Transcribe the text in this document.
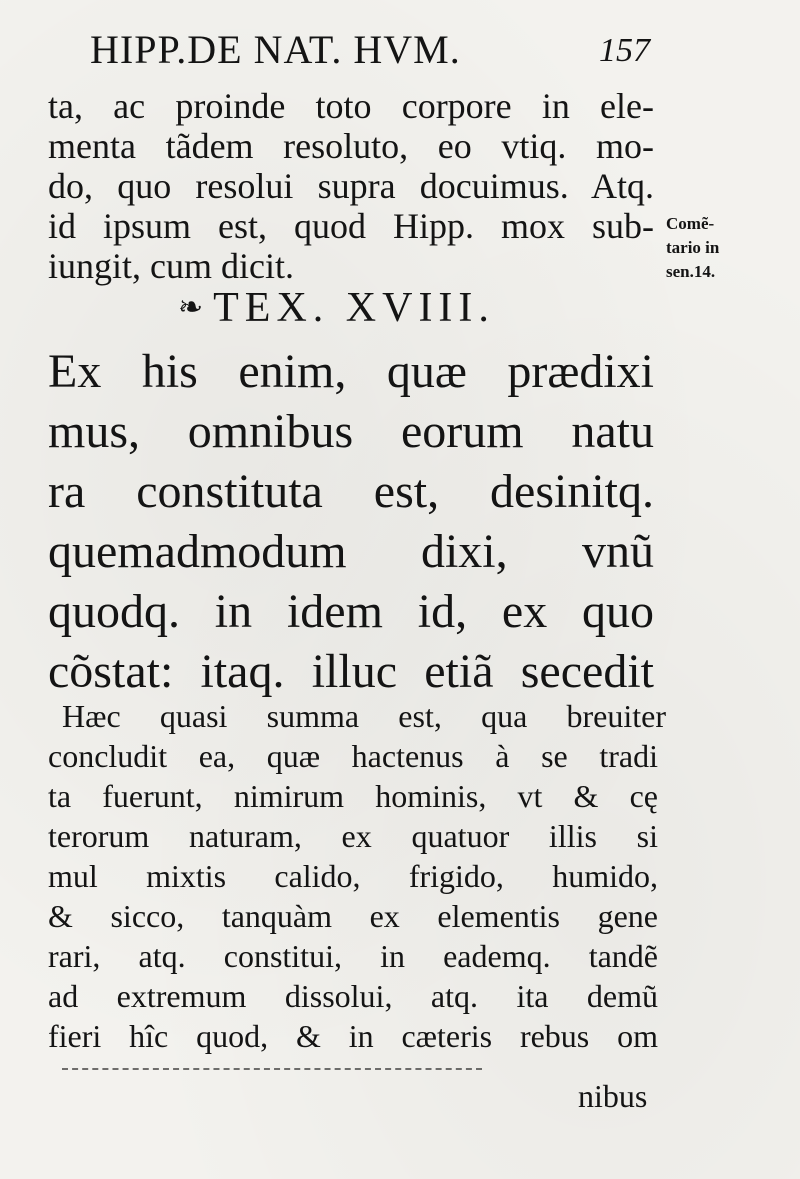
HIPP.DE NAT. HVM.	157
ta, ac proinde toto corpore in ele-
menta tãdem resoluto, eo vtiq. mo-
do, quo resolui supra docuimus. Atq.
id ipsum est, quod Hipp. mox sub-
iungit, cum dicit.
Comẽ-
tario in
sen.14.
❧ TEX. XVIII.
Ex his enim, quæ prædixi
mus, omnibus eorum natu
ra constituta est, desinitq.
quemadmodum dixi, vnũ
quodq. in idem id, ex quo
cõstat: itaq. illuc etiã secedit
Hæc quasi summa est, qua breuiter
concludit ea, quæ hactenus à se tradi
ta fuerunt, nimirum hominis, vt & cę
terorum naturam, ex quatuor illis si
mul mixtis calido, frigido, humido,
& sicco, tanquàm ex elementis gene
rari, atq. constitui, in eademq. tandẽ
ad extremum dissolui, atq. ita demũ
fieri hîc quod, & in cæteris rebus om
nibus
